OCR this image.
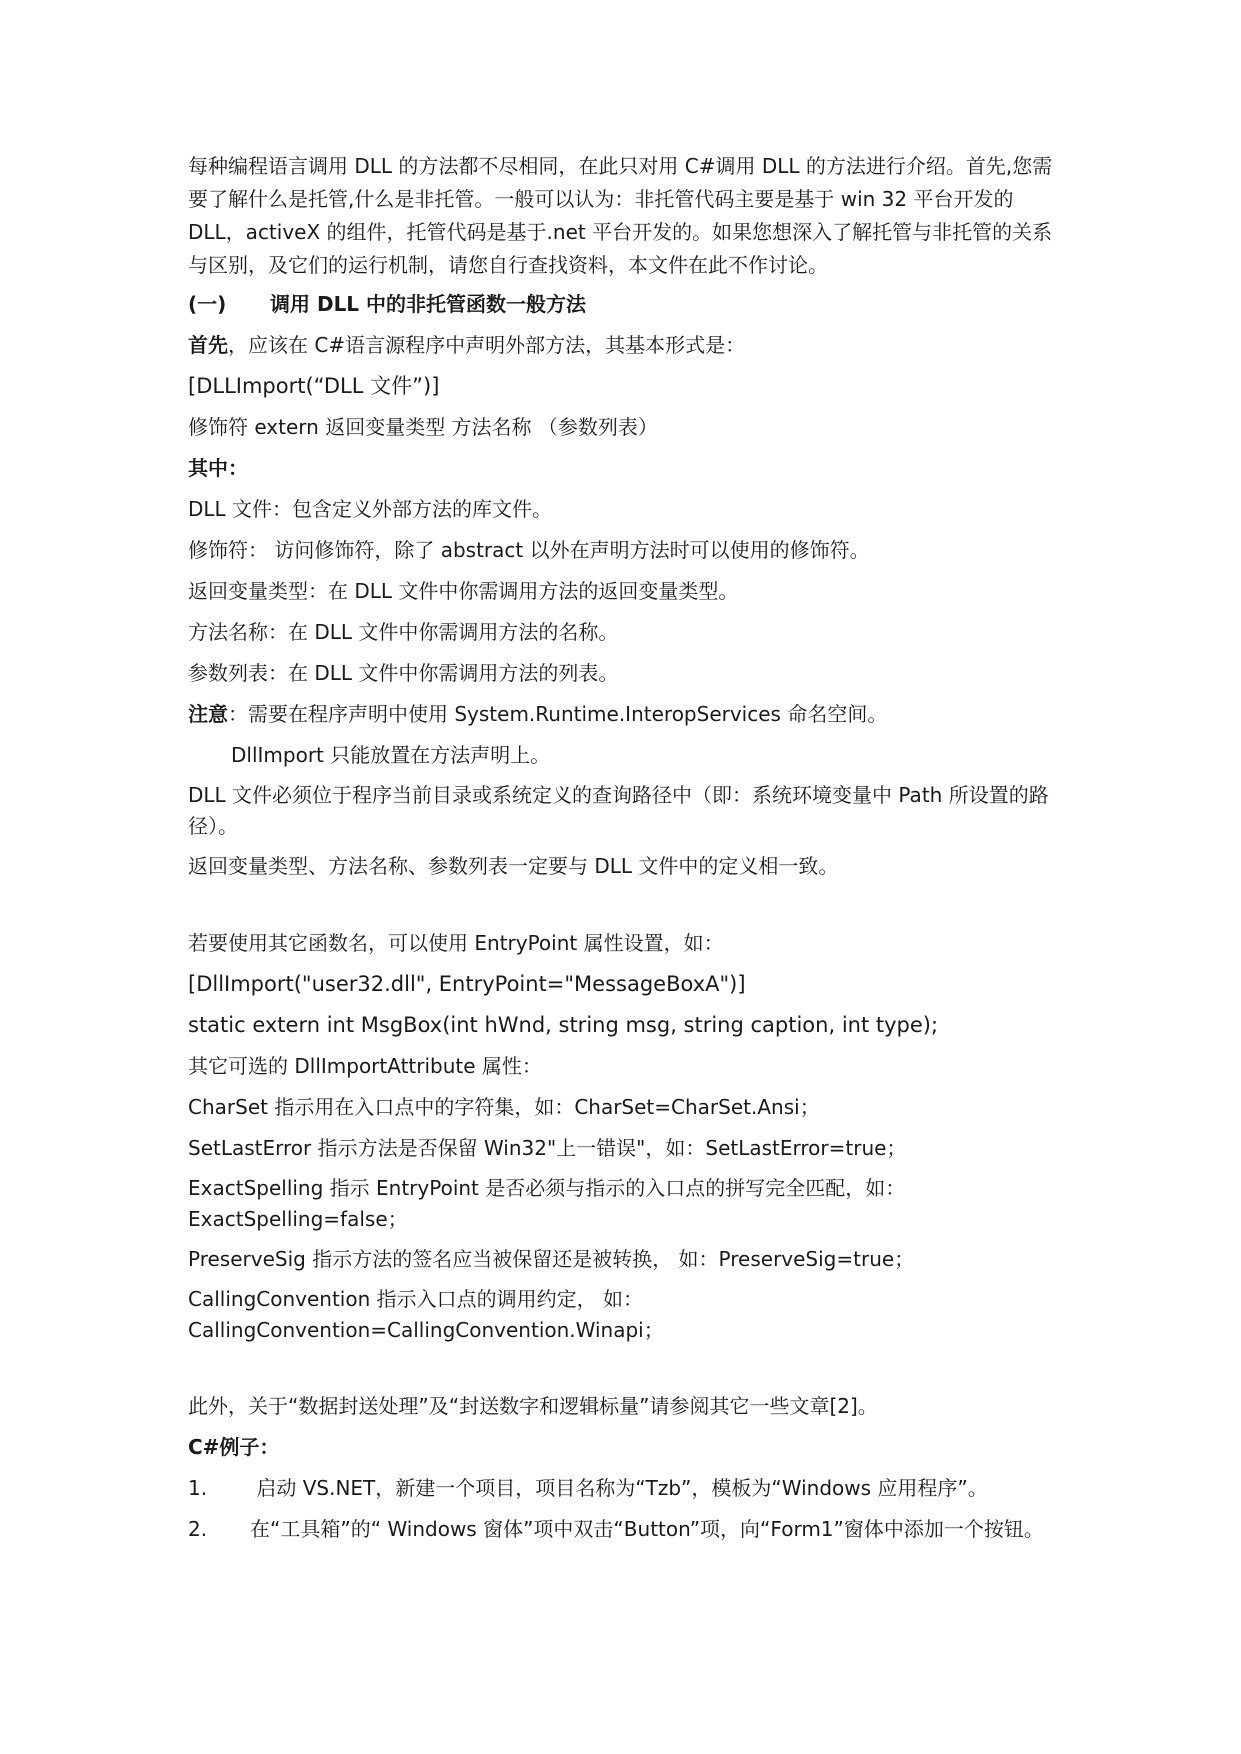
每种编程语言调用 DLL 的方法都不尽相同，在此只对用 C#调用 DLL 的方法进行介绍。首先,您需要了解什么是托管,什么是非托管。一般可以认为：非托管代码主要是基于 win 32 平台开发的 DLL，activeX 的组件，托管代码是基于.net 平台开发的。如果您想深入了解托管与非托管的关系与区别，及它们的运行机制，请您自行查找资料，本文件在此不作讨论。

(一) 调用 DLL 中的非托管函数一般方法
首先，应该在 C#语言源程序中声明外部方法，其基本形式是：
[DLLImport(“DLL 文件”)]
修饰符 extern 返回变量类型 方法名称 （参数列表）
其中：
DLL 文件：包含定义外部方法的库文件。
修饰符： 访问修饰符，除了 abstract 以外在声明方法时可以使用的修饰符。
返回变量类型：在 DLL 文件中你需调用方法的返回变量类型。
方法名称：在 DLL 文件中你需调用方法的名称。
参数列表：在 DLL 文件中你需调用方法的列表。
注意：需要在程序声明中使用 System.Runtime.InteropServices 命名空间。
DllImport 只能放置在方法声明上。
DLL 文件必须位于程序当前目录或系统定义的查询路径中（即：系统环境变量中 Path 所设置的路径）。
返回变量类型、方法名称、参数列表一定要与 DLL 文件中的定义相一致。
若要使用其它函数名，可以使用 EntryPoint 属性设置，如：
[DllImport("user32.dll", EntryPoint="MessageBoxA")]
static extern int MsgBox(int hWnd, string msg, string caption, int type);
其它可选的 DllImportAttribute 属性：
CharSet 指示用在入口点中的字符集，如：CharSet=CharSet.Ansi；
SetLastError 指示方法是否保留 Win32"上一错误"，如：SetLastError=true；
ExactSpelling 指示 EntryPoint 是否必须与指示的入口点的拼写完全匹配，如：ExactSpelling=false；
PreserveSig 指示方法的签名应当被保留还是被转换， 如：PreserveSig=true；
CallingConvention 指示入口点的调用约定， 如：CallingConvention=CallingConvention.Winapi；
此外，关于“数据封送处理”及“封送数字和逻辑标量”请参阅其它一些文章[2]。
C#例子：
1. 启动 VS.NET，新建一个项目，项目名称为“Tzb”，模板为“Windows 应用程序”。
2. 在“工具箱”的“ Windows 窗体”项中双击“Button”项，向“Form1”窗体中添加一个按钮。
